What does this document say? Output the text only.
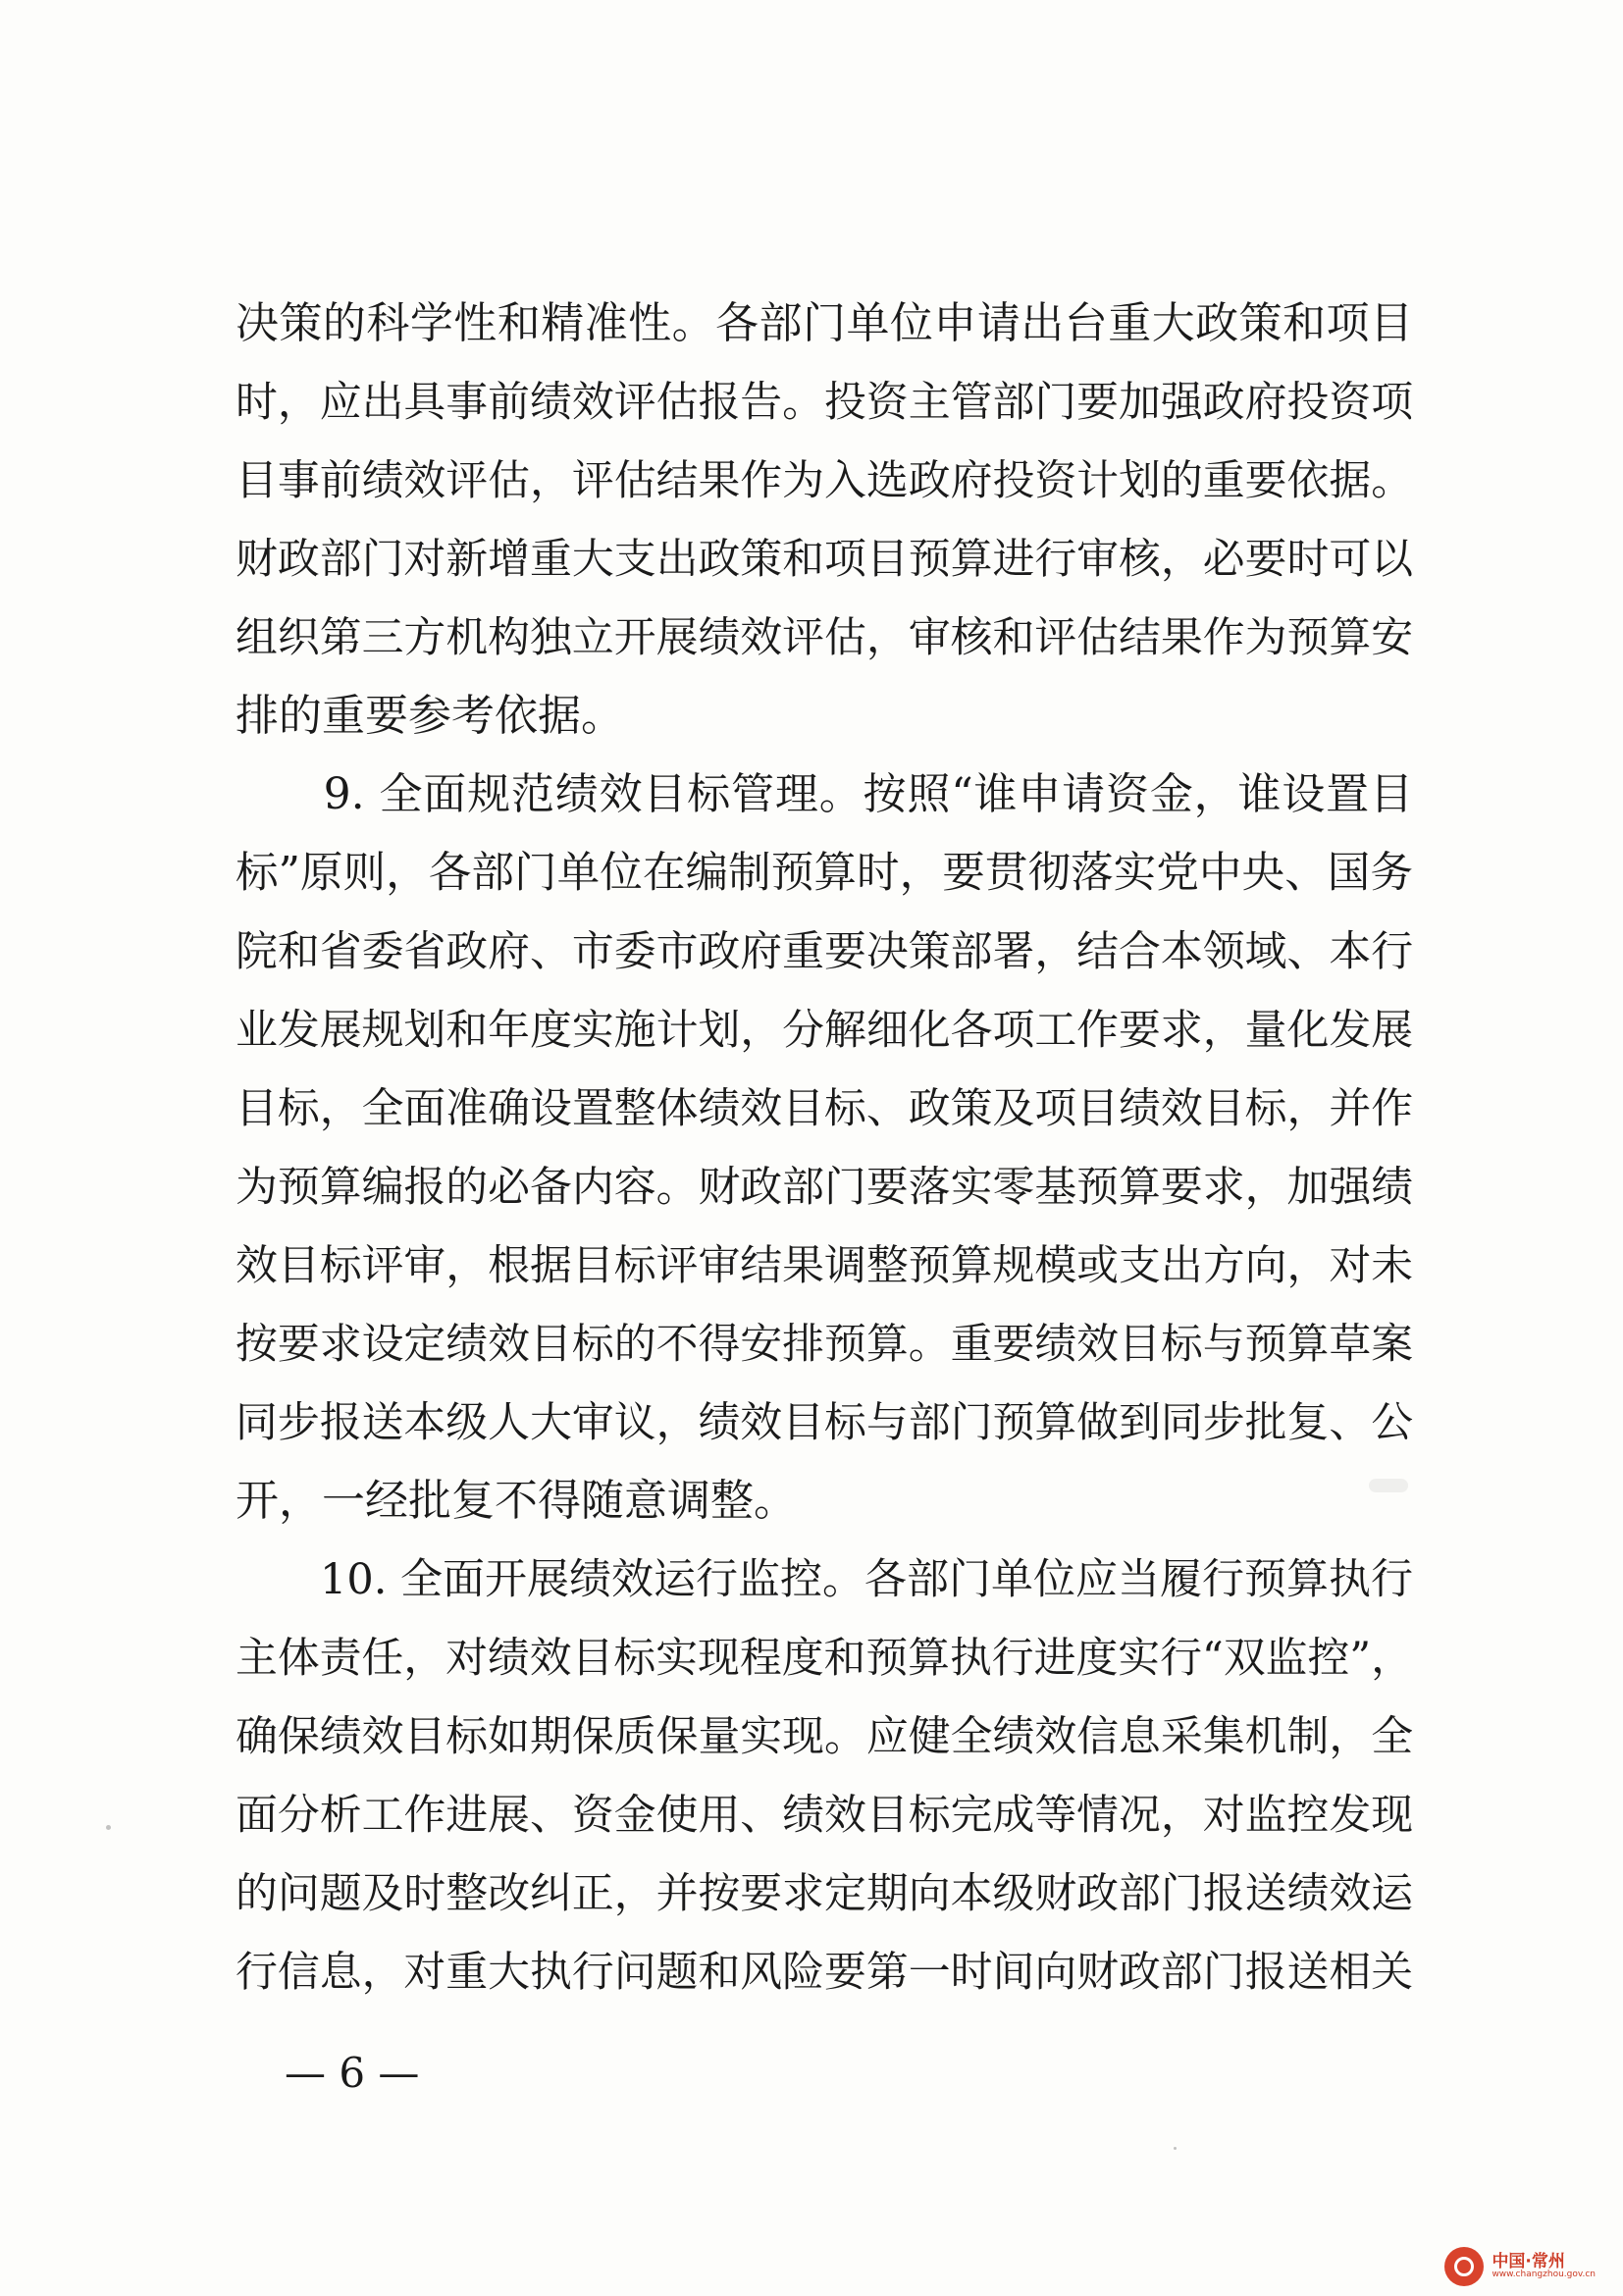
决策的科学性和精准性。各部门单位申请出台重大政策和项目
时，应出具事前绩效评估报告。投资主管部门要加强政府投资项
目事前绩效评估，评估结果作为入选政府投资计划的重要依据。
财政部门对新增重大支出政策和项目预算进行审核，必要时可以
组织第三方机构独立开展绩效评估，审核和评估结果作为预算安
排的重要参考依据。
　　9. 全面规范绩效目标管理。按照“谁申请资金，谁设置目
标”原则，各部门单位在编制预算时，要贯彻落实党中央、国务
院和省委省政府、市委市政府重要决策部署，结合本领域、本行
业发展规划和年度实施计划，分解细化各项工作要求，量化发展
目标，全面准确设置整体绩效目标、政策及项目绩效目标，并作
为预算编报的必备内容。财政部门要落实零基预算要求，加强绩
效目标评审，根据目标评审结果调整预算规模或支出方向，对未
按要求设定绩效目标的不得安排预算。重要绩效目标与预算草案
同步报送本级人大审议，绩效目标与部门预算做到同步批复、公
开，一经批复不得随意调整。
　　10. 全面开展绩效运行监控。各部门单位应当履行预算执行
主体责任，对绩效目标实现程度和预算执行进度实行“双监控”，
确保绩效目标如期保质保量实现。应健全绩效信息采集机制，全
面分析工作进展、资金使用、绩效目标完成等情况，对监控发现
的问题及时整改纠正，并按要求定期向本级财政部门报送绩效运
行信息，对重大执行问题和风险要第一时间向财政部门报送相关
— 6 —
中国·常州
www.changzhou.gov.cn
